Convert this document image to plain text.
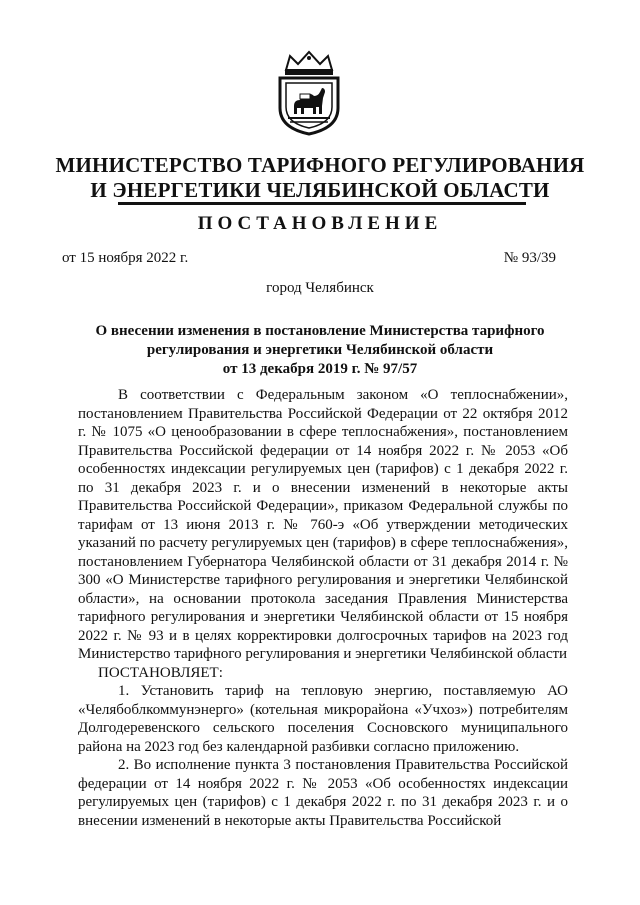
МИНИСТЕРСТВО ТАРИФНОГО РЕГУЛИРОВАНИЯ
И ЭНЕРГЕТИКИ ЧЕЛЯБИНСКОЙ ОБЛАСТИ
ПОСТАНОВЛЕНИЕ
от 15 ноября 2022 г.	№ 93/39
город Челябинск
О внесении изменения в постановление Министерства тарифного
регулирования и энергетики Челябинской области
от 13 декабря 2019 г. № 97/57

В соответствии с Федеральным законом «О теплоснабжении», постановлением Правительства Российской Федерации от 22 октября 2012 г. № 1075 «О ценообразовании в сфере теплоснабжения», постановлением Правительства Российской федерации от 14 ноября 2022 г. № 2053 «Об особенностях индексации регулируемых цен (тарифов) с 1 декабря 2022 г. по 31 декабря 2023 г. и о внесении изменений в некоторые акты Правительства Российской Федерации», приказом Федеральной службы по тарифам от 13 июня 2013 г. № 760-э «Об утверждении методических указаний по расчету регулируемых цен (тарифов) в сфере теплоснабжения», постановлением Губернатора Челябинской области от 31 декабря 2014 г. № 300 «О Министерстве тарифного регулирования и энергетики Челябинской области», на основании протокола заседания Правления Министерства тарифного регулирования и энергетики Челябинской области от 15 ноября 2022 г. № 93 и в целях корректировки долгосрочных тарифов на 2023 год Министерство тарифного регулирования и энергетики Челябинской области

ПОСТАНОВЛЯЕТ:

1. Установить тариф на тепловую энергию, поставляемую АО «Челябоблкоммунэнерго» (котельная микрорайона «Учхоз») потребителям Долгодеревенского сельского поселения Сосновского муниципального района на 2023 год без календарной разбивки согласно приложению.

2. Во исполнение пункта 3 постановления Правительства Российской федерации от 14 ноября 2022 г. № 2053 «Об особенностях индексации регулируемых цен (тарифов) с 1 декабря 2022 г. по 31 декабря 2023 г. и о внесении изменений в некоторые акты Правительства Российской
